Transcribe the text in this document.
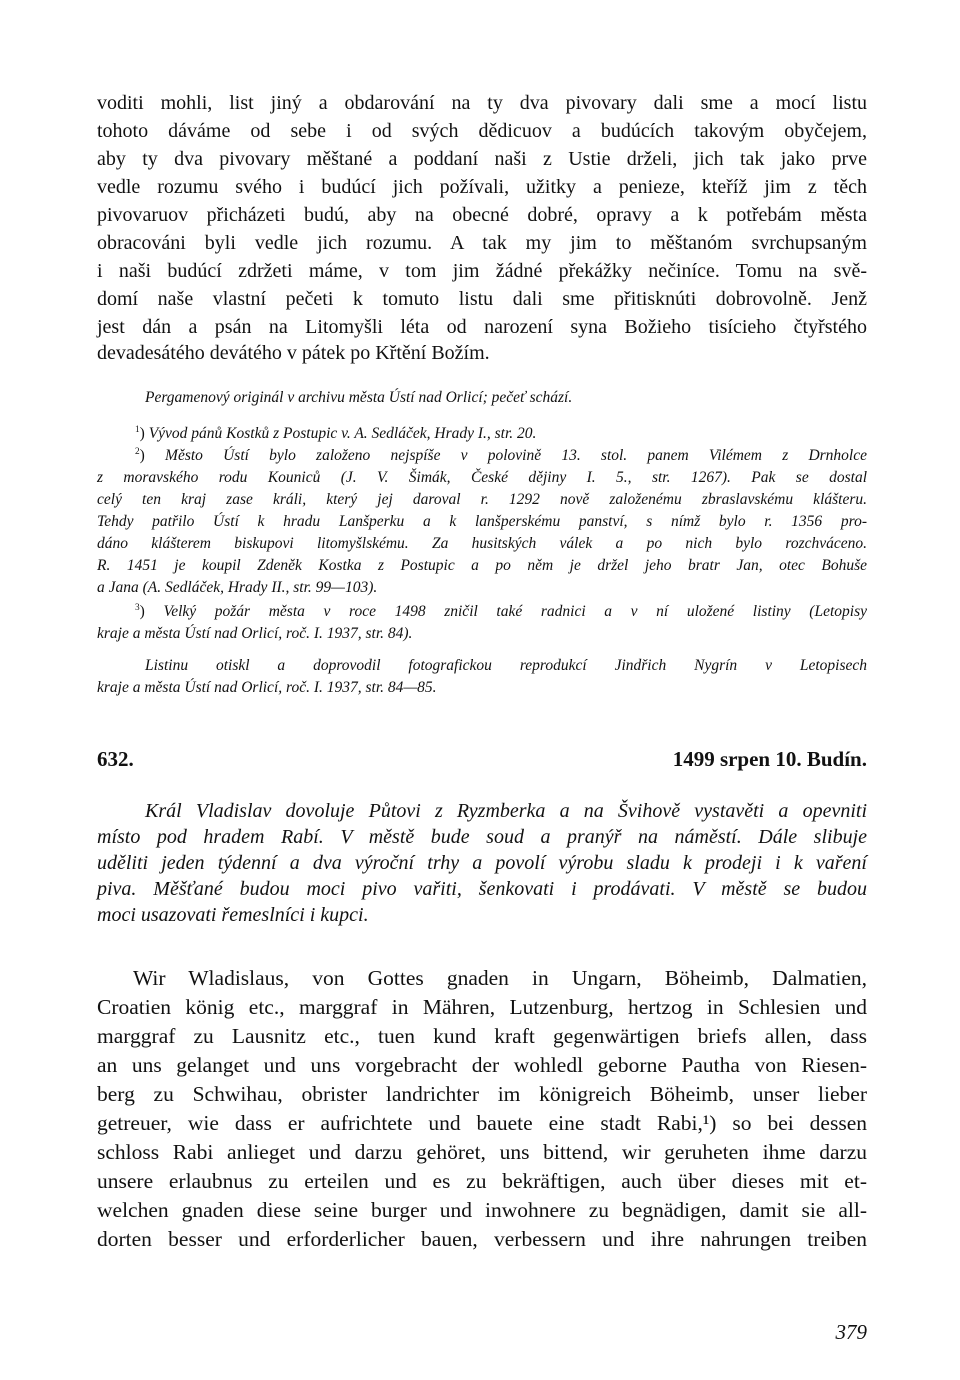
voditi mohli, list jiný a obdarování na ty dva pivovary dali sme a mocí listu
tohoto dáváme od sebe i od svých dědicuov a budúcích takovým obyčejem,
aby ty dva pivovary měštané a poddaní naši z Ustie drželi, jich tak jako prve
vedle rozumu svého i budúcí jich požívali, užitky a penieze, kteříž jim z těch
pivovaruov přicházeti budú, aby na obecné dobré, opravy a k potřebám města
obracováni byli vedle jich rozumu. A tak my jim to měštanóm svrchupsaným
i naši budúcí zdržeti máme, v tom jim žádné překážky nečiníce. Tomu na svě-
domí naše vlastní pečeti k tomuto listu dali sme přitisknúti dobrovolně. Jenž
jest dán a psán na Litomyšli léta od narození syna Božieho tisícieho čtyřstého
devadesátého devátého v pátek po Křtění Božím.
Pergamenový originál v archivu města Ústí nad Orlicí; pečeť schází.
$^1$) Vývod pánů Kostků z Postupic v. A. Sedláček, Hrady I., str. 20.
$^2$) Město Ústí bylo založeno nejspíše v polovině 13. stol. panem Vilémem z Drnholce
z moravského rodu Kouniců (J. V. Šimák, České dějiny I. 5., str. 1267). Pak se dostal
celý ten kraj zase králi, který jej daroval r. 1292 nově založenému zbraslavskému klášteru.
Tehdy patřilo Ústí k hradu Lanšperku a k lanšperskému panství, s nímž bylo r. 1356 pro-
dáno klášterem biskupovi litomyšlskému. Za husitských válek a po nich bylo rozchváceno.
R. 1451 je koupil Zdeněk Kostka z Postupic a po něm je držel jeho bratr Jan, otec Bohuše
a Jana (A. Sedláček, Hrady II., str. 99—103).
$^3$) Velký požár města v roce 1498 zničil také radnici a v ní uložené listiny (Letopisy
kraje a města Ústí nad Orlicí, roč. I. 1937, str. 84).
Listinu otiskl a doprovodil fotografickou reprodukcí Jindřich Nygrín v Letopisech
kraje a města Ústí nad Orlicí, roč. I. 1937, str. 84—85.
632.	1499 srpen 10. Budín.
Král Vladislav dovoluje Půtovi z Ryzmberka a na Švihově vystavěti a opevniti
místo pod hradem Rabí. V městě bude soud a pranýř na náměstí. Dále slibuje
uděliti jeden týdenní a dva výroční trhy a povolí výrobu sladu k prodeji i k vaření
piva. Měšťané budou moci pivo vařiti, šenkovati i prodávati. V městě se budou
moci usazovati řemeslníci i kupci.
Wir Wladislaus, von Gottes gnaden in Ungarn, Böheimb, Dalmatien,
Croatien könig etc., marggraf in Mähren, Lutzenburg, hertzog in Schlesien und
marggraf zu Lausnitz etc., tuen kund kraft gegenwärtigen briefs allen, dass
an uns gelanget und uns vorgebracht der wohledl geborne Pautha von Riesen-
berg zu Schwihau, obrister landrichter im königreich Böheimb, unser lieber
getreuer, wie dass er aufrichtete und bauete eine stadt Rabi,¹) so bei dessen
schloss Rabi anlieget und darzu gehöret, uns bittend, wir geruheten ihme darzu
unsere erlaubnus zu erteilen und es zu bekräftigen, auch über dieses mit et-
welchen gnaden diese seine burger und inwohnere zu begnädigen, damit sie all-
dorten besser und erforderlicher bauen, verbessern und ihre nahrungen treiben
379
